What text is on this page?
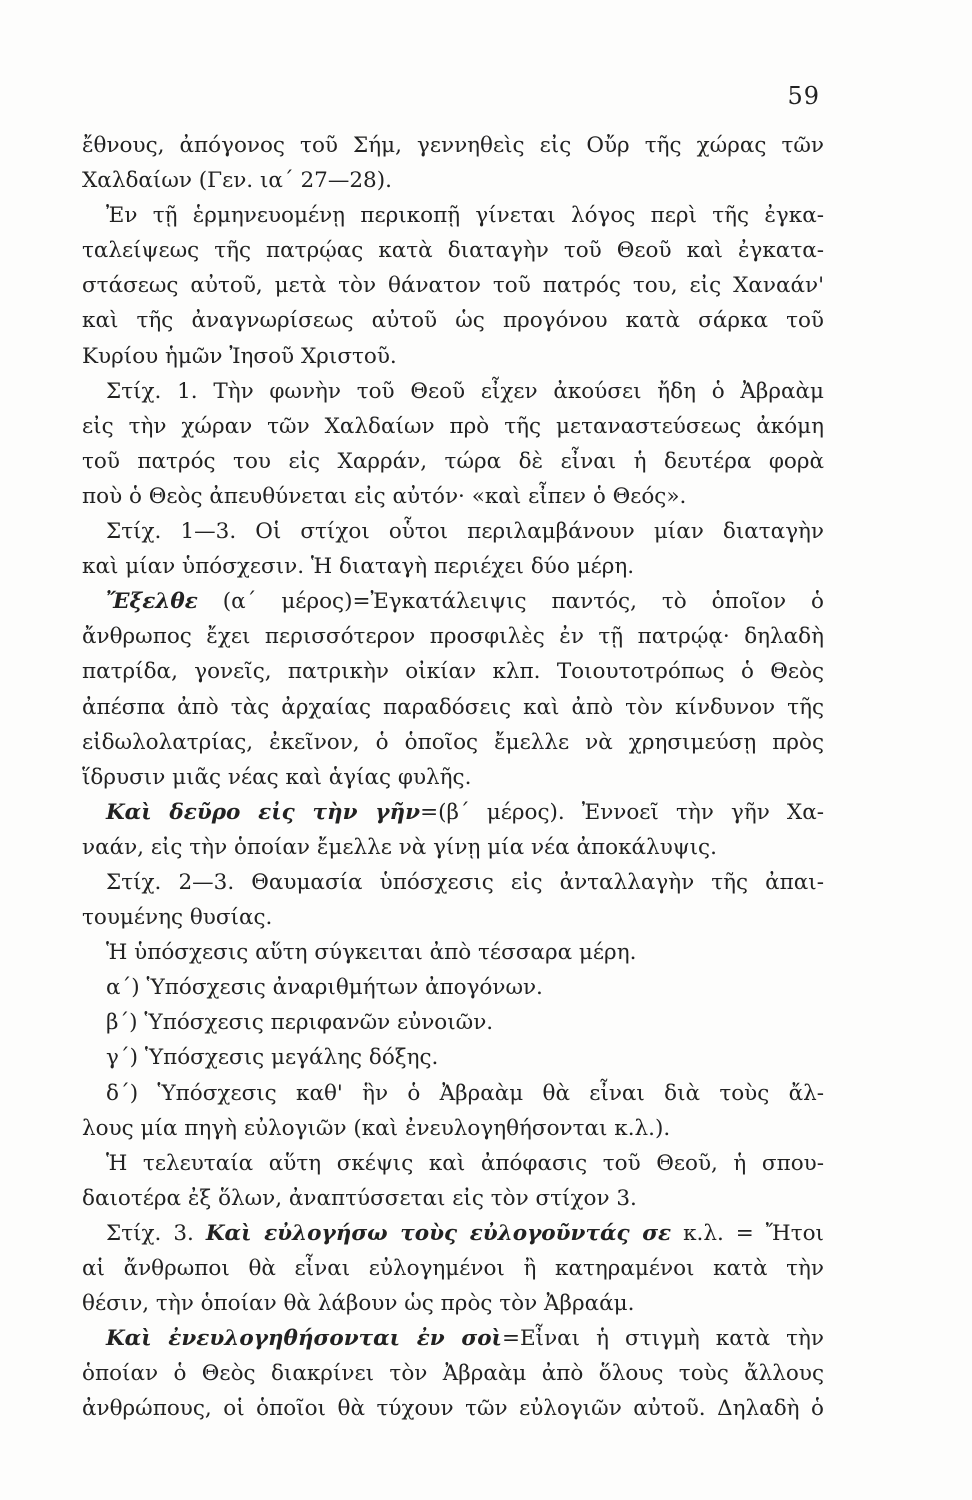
59
ἔθνους, ἀπόγονος τοῦ Σήμ, γεννηθεὶς εἰς Οὔρ τῆς χώρας τῶν
Χαλδαίων (Γεν. ια΄ 27—28).
Ἐν τῇ ἑρμηνευομένῃ περικοπῇ γίνεται λόγος περὶ τῆς ἐγκα-
ταλείψεως τῆς πατρῴας κατὰ διαταγὴν τοῦ Θεοῦ καὶ ἐγκατα-
στάσεως αὐτοῦ, μετὰ τὸν θάνατον τοῦ πατρός του, εἰς Χαναάν'
καὶ τῆς ἀναγνωρίσεως αὐτοῦ ὡς προγόνου κατὰ σάρκα τοῦ
Κυρίου ἡμῶν Ἰησοῦ Χριστοῦ.
Στίχ. 1. Τὴν φωνὴν τοῦ Θεοῦ εἶχεν ἀκούσει ἤδη ὁ Ἀβραὰμ
εἰς τὴν χώραν τῶν Χαλδαίων πρὸ τῆς μεταναστεύσεως ἀκόμη
τοῦ πατρός του εἰς Χαρράν, τώρα δὲ εἶναι ἡ δευτέρα φορὰ
ποὺ ὁ Θεὸς ἀπευθύνεται εἰς αὐτόν· «καὶ εἶπεν ὁ Θεός».
Στίχ. 1—3. Οἱ στίχοι οὗτοι περιλαμβάνουν μίαν διαταγὴν
καὶ μίαν ὑπόσχεσιν. Ἡ διαταγὴ περιέχει δύο μέρη.
Ἔξελθε (α΄ μέρος)=Ἐγκατάλειψις παντός, τὸ ὁποῖον ὁ
ἄνθρωπος ἔχει περισσότερον προσφιλὲς ἐν τῇ πατρῴᾳ· δηλαδὴ
πατρίδα, γονεῖς, πατρικὴν οἰκίαν κλπ. Τοιουτοτρόπως ὁ Θεὸς
ἀπέσπα ἀπὸ τὰς ἀρχαίας παραδόσεις καὶ ἀπὸ τὸν κίνδυνον τῆς
εἰδωλολατρίας, ἐκεῖνον, ὁ ὁποῖος ἔμελλε νὰ χρησιμεύσῃ πρὸς
ἵδρυσιν μιᾶς νέας καὶ ἁγίας φυλῆς.
Καὶ δεῦρο εἰς τὴν γῆν=(β΄ μέρος). Ἐννοεῖ τὴν γῆν Χα-
ναάν, εἰς τὴν ὁποίαν ἔμελλε νὰ γίνῃ μία νέα ἀποκάλυψις.
Στίχ. 2—3. Θαυμασία ὑπόσχεσις εἰς ἀνταλλαγὴν τῆς ἀπαι-
τουμένης θυσίας.
Ἡ ὑπόσχεσις αὕτη σύγκειται ἀπὸ τέσσαρα μέρη.
α΄) Ὑπόσχεσις ἀναριθμήτων ἀπογόνων.
β΄) Ὑπόσχεσις περιφανῶν εὐνοιῶν.
γ΄) Ὑπόσχεσις μεγάλης δόξης.
δ΄) Ὑπόσχεσις καθ' ἣν ὁ Ἀβραὰμ θὰ εἶναι διὰ τοὺς ἄλ-
λους μία πηγὴ εὐλογιῶν (καὶ ἐνευλογηθήσονται κ.λ.).
Ἡ τελευταία αὕτη σκέψις καὶ ἀπόφασις τοῦ Θεοῦ, ἡ σπου-
δαιοτέρα ἐξ ὅλων, ἀναπτύσσεται εἰς τὸν στίχον 3.
Στίχ. 3. Καὶ εὐλογήσω τοὺς εὐλογοῦντάς σε κ.λ. = Ἤτοι
αἱ ἄνθρωποι θὰ εἶναι εὐλογημένοι ἢ κατηραμένοι κατὰ τὴν
θέσιν, τὴν ὁποίαν θὰ λάβουν ὡς πρὸς τὸν Ἀβραάμ.
Καὶ ἐνευλογηθήσονται ἐν σοὶ=Εἶναι ἡ στιγμὴ κατὰ τὴν
ὁποίαν ὁ Θεὸς διακρίνει τὸν Ἀβραὰμ ἀπὸ ὅλους τοὺς ἄλλους
ἀνθρώπους, οἱ ὁποῖοι θὰ τύχουν τῶν εὐλογιῶν αὐτοῦ. Δηλαδὴ ὁ
